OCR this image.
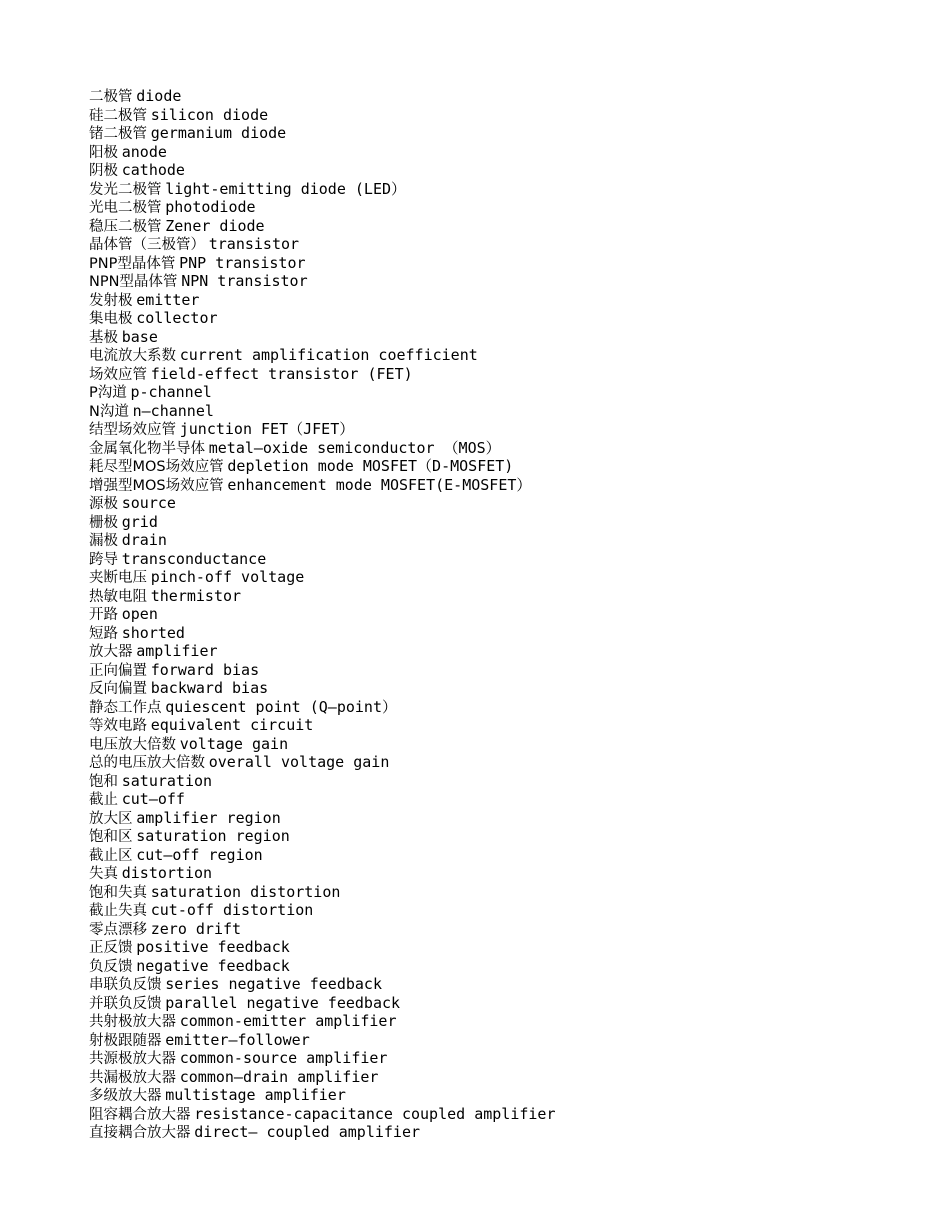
二极管 diode
硅二极管 silicon diode
锗二极管 germanium diode
阳极 anode
阴极 cathode
发光二极管 light-emitting diode (LED）
光电二极管 photodiode
稳压二极管 Zener diode
晶体管（三极管） transistor
PNP型晶体管 PNP transistor
NPN型晶体管 NPN transistor
发射极 emitter
集电极 collector
基极 base
电流放大系数 current amplification coefficient
场效应管 field-effect transistor (FET)
P沟道 p-channel
N沟道 n—channel
结型场效应管 junction FET（JFET）
金属氧化物半导体 metal—oxide semiconductor （MOS）
耗尽型MOS场效应管 depletion mode MOSFET（D-MOSFET)
增强型MOS场效应管 enhancement mode MOSFET(E-MOSFET）
源极 source
栅极 grid
漏极 drain
跨导 transconductance
夹断电压 pinch-off voltage
热敏电阻 thermistor
开路 open
短路 shorted
放大器 amplifier
正向偏置 forward bias
反向偏置 backward bias
静态工作点 quiescent point (Q—point）
等效电路 equivalent circuit
电压放大倍数 voltage gain
总的电压放大倍数 overall voltage gain
饱和 saturation
截止 cut—off
放大区 amplifier region
饱和区 saturation region
截止区 cut—off region
失真 distortion
饱和失真 saturation distortion
截止失真 cut-off distortion
零点漂移 zero drift
正反馈 positive feedback
负反馈 negative feedback
串联负反馈 series negative feedback
并联负反馈 parallel negative feedback
共射极放大器 common-emitter amplifier
射极跟随器 emitter—follower
共源极放大器 common-source amplifier
共漏极放大器 common—drain amplifier
多级放大器 multistage amplifier
阻容耦合放大器 resistance-capacitance coupled amplifier
直接耦合放大器 direct— coupled amplifier
